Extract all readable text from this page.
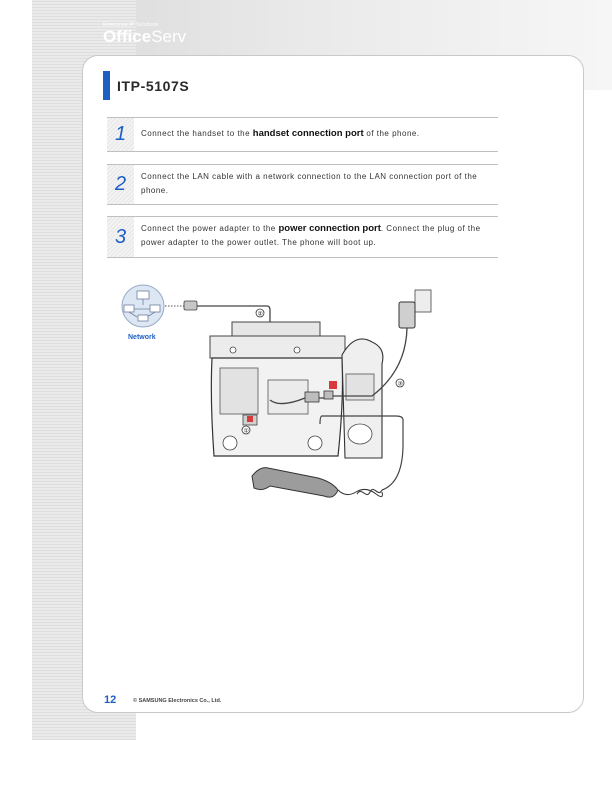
Enterprise IP Solutions
OfficeServ
ITP-5107S
1	Connect the handset to the handset connection port of the phone.
2	Connect the LAN cable with a network connection to the LAN connection port of the phone.
3	Connect the power adapter to the power connection port. Connect the plug of the power adapter to the power outlet. The phone will boot up.
Network
②
③
①
12	© SAMSUNG Electronics Co., Ltd.
